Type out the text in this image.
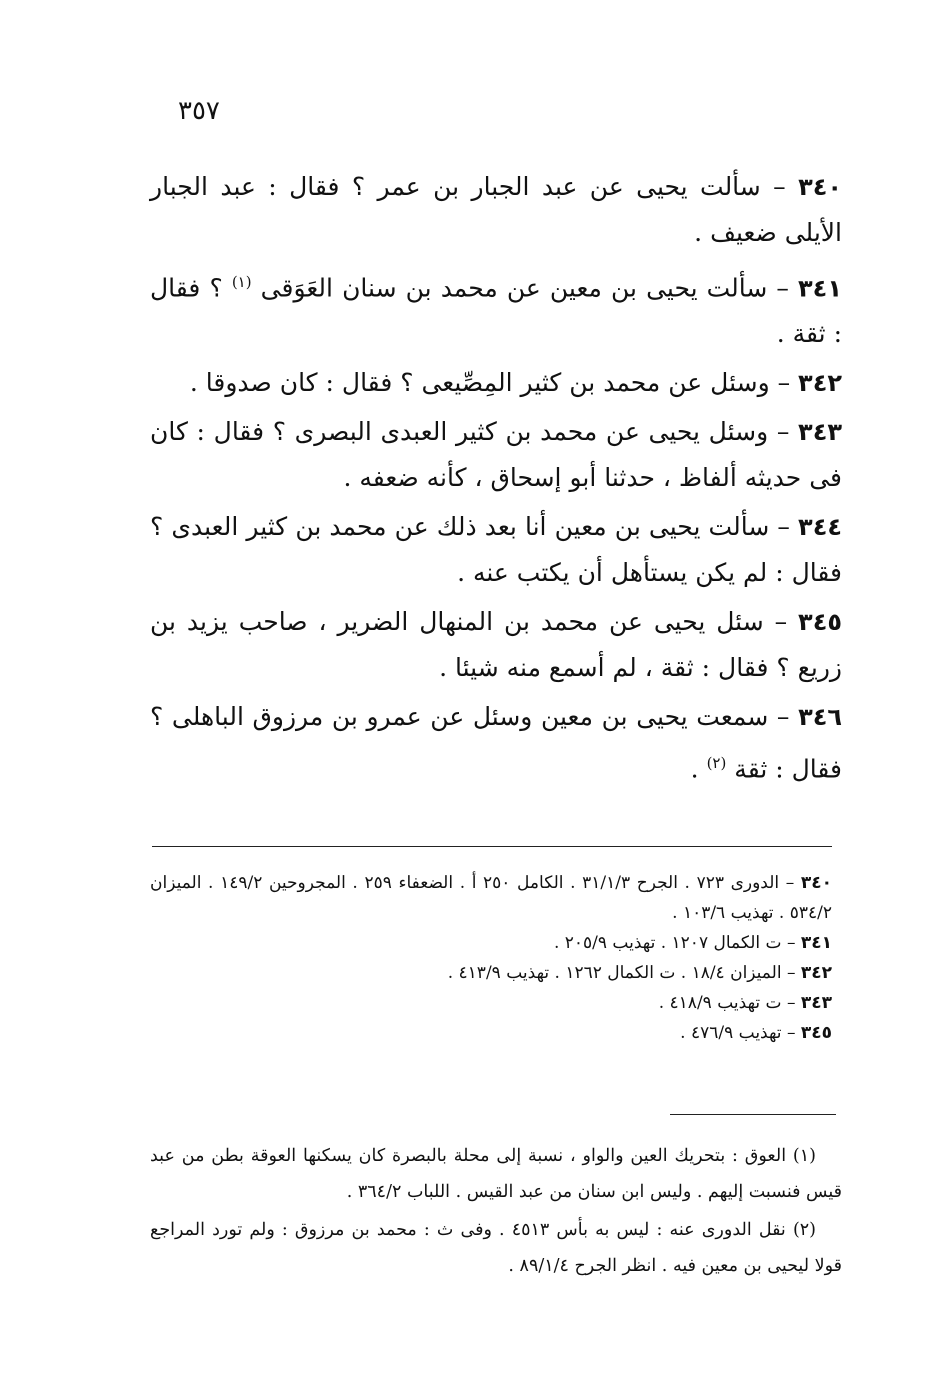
٣٥٧

٣٤٠ – سألت يحيى عن عبد الجبار بن عمر ؟ فقال : عبد الجبار الأيلى ضعيف .

٣٤١ – سألت يحيى بن معين عن محمد بن سنان العَوَقى $^{(١)}$ ؟ فقال : ثقة .

٣٤٢ – وسئل عن محمد بن كثير المِصِّيعى ؟ فقال : كان صدوقا .

٣٤٣ – وسئل يحيى عن محمد بن كثير العبدى البصرى ؟ فقال : كان فى حديثه ألفاظ ، حدثنا أبو إسحاق ، كأنه ضعفه .

٣٤٤ – سألت يحيى بن معين أنا بعد ذلك عن محمد بن كثير العبدى ؟ فقال : لم يكن يستأهل أن يكتب عنه .

٣٤٥ – سئل يحيى عن محمد بن المنهال الضرير ، صاحب يزيد بن زريع ؟ فقال : ثقة ، لم أسمع منه شيئا .

٣٤٦ – سمعت يحيى بن معين وسئل عن عمرو بن مرزوق الباهلى ؟ فقال : ثقة $^{(٢)}$ .

٣٤٠ – الدورى ٧٢٣ . الجرح ٣١/١/٣ . الكامل ٢٥٠ أ . الضعفاء ٢٥٩ . المجروحين ١٤٩/٢ . الميزان ٥٣٤/٢ . تهذيب ١٠٣/٦ .
٣٤١ – ت الكمال ١٢٠٧ . تهذيب ٢٠٥/٩ .
٣٤٢ – الميزان ١٨/٤ . ت الكمال ١٢٦٢ . تهذيب ٤١٣/٩ .
٣٤٣ – ت تهذيب ٤١٨/٩ .
٣٤٥ – تهذيب ٤٧٦/٩ .

(١) العوق : بتحريك العين والواو ، نسبة إلى محلة بالبصرة كان يسكنها العوقة بطن من عبد قيس فنسبت إليهم . وليس ابن سنان من عبد القيس . اللباب ٣٦٤/٢ .

(٢) نقل الدورى عنه : ليس به بأس ٤٥١٣ . وفى ث : محمد بن مرزوق : ولم تورد المراجع قولا ليحيى بن معين فيه . انظر الجرح ٨٩/١/٤ .
